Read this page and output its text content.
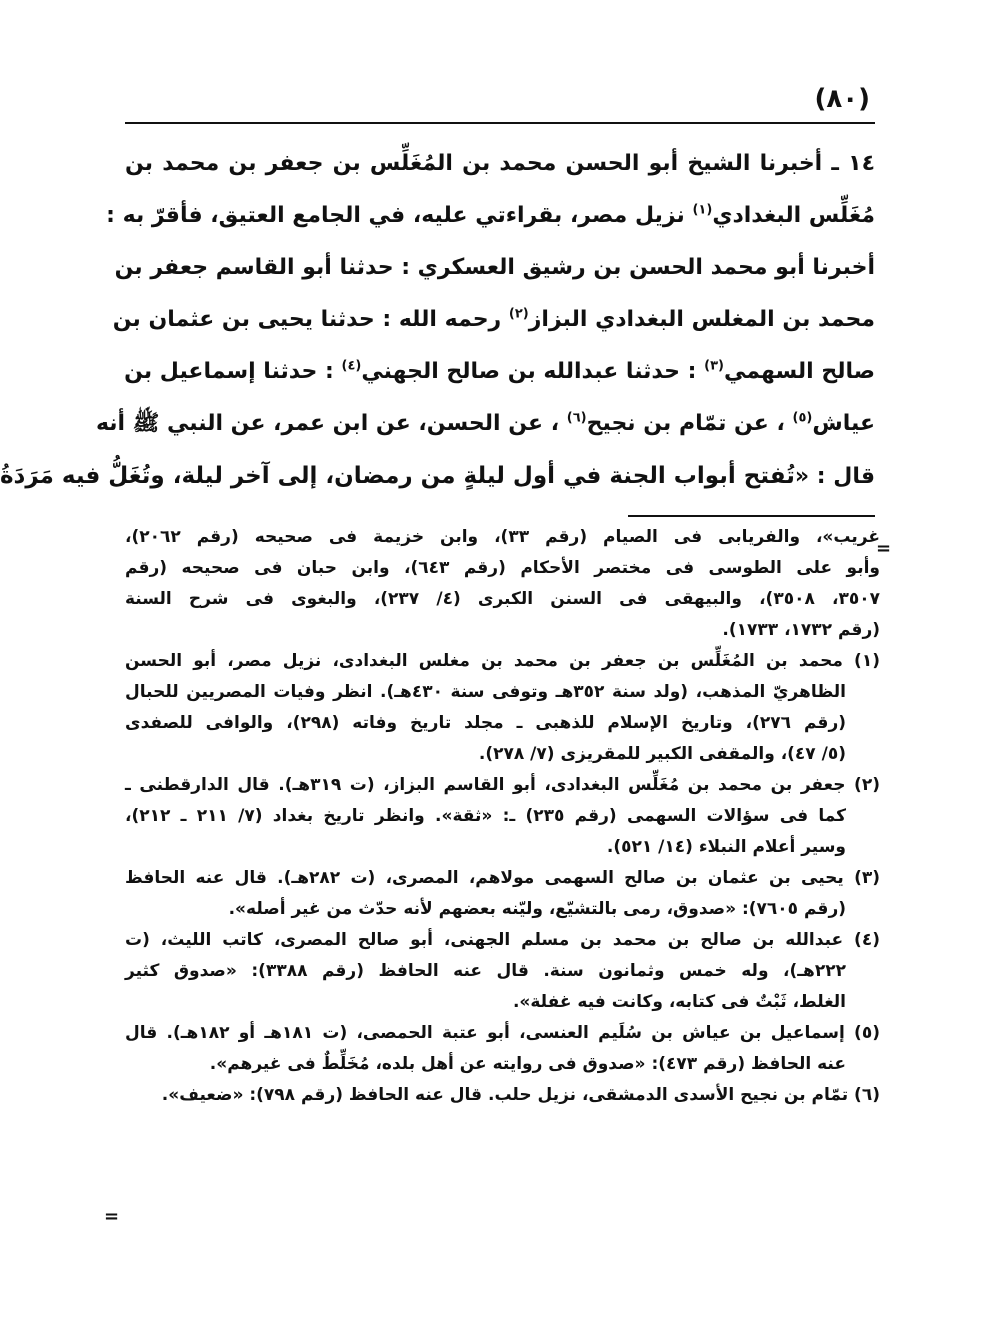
(٨٠)
١٤ ـ أخبرنا الشيخ أبو الحسن محمد بن المُغَلِّس بن جعفر بن محمد بن
مُغَلِّس البغدادي$^{(١)}$ نزيل مصر، بقراءتي عليه، في الجامع العتيق، فأقرّ به :
أخبرنا أبو محمد الحسن بن رشيق العسكري : حدثنا أبو القاسم جعفر بن
محمد بن المغلس البغدادي البزاز$^{(٢)}$ رحمه الله : حدثنا يحيى بن عثمان بن
صالح السهمي$^{(٣)}$ : حدثنا عبدالله بن صالح الجهني$^{(٤)}$ : حدثنا إسماعيل بن
عياش$^{(٥)}$ ، عن تمّام بن نجيح$^{(٦)}$ ، عن الحسن، عن ابن عمر، عن النبي ﷺ أنه
قال : «تُفتح أبواب الجنة في أول ليلةٍ من رمضان، إلى آخر ليلة، وتُغَلُّ فيه مَرَدَةُ
=
غريب»، والفريابى فى الصيام (رقم ٣٣)، وابن خزيمة فى صحيحه (رقم ٢٠٦٢)،
وأبو على الطوسى فى مختصر الأحكام (رقم ٦٤٣)، وابن حبان فى صحيحه (رقم
٣٥٠٧، ٣٥٠٨)، والبيهقى فى السنن الكبرى (٤/ ٢٣٧)، والبغوى فى شرح السنة
(رقم ١٧٣٢، ١٧٣٣).
(١) محمد بن المُغَلِّس بن جعفر بن محمد بن مغلس البغدادى، نزيل مصر، أبو الحسن
الظاهريّ المذهب، (ولد سنة ٣٥٢هـ وتوفى سنة ٤٣٠هـ). انظر وفيات المصريين للحبال
(رقم ٢٧٦)، وتاريخ الإسلام للذهبى ـ مجلد تاريخ وفاته (٢٩٨)، والوافى للصفدى
(٥/ ٤٧)، والمقفى الكبير للمقريزى (٧/ ٢٧٨).
(٢) جعفر بن محمد بن مُغَلِّس البغدادى، أبو القاسم البزاز، (ت ٣١٩هـ). قال الدارقطنى ـ
كما فى سؤالات السهمى (رقم ٢٣٥) ـ: «ثقة». وانظر تاريخ بغداد (٧/ ٢١١ ـ ٢١٢)،
وسير أعلام النبلاء (١٤/ ٥٢١).
(٣) يحيى بن عثمان بن صالح السهمى مولاهم، المصرى، (ت ٢٨٢هـ). قال عنه الحافظ
(رقم ٧٦٠٥): «صدوق، رمى بالتشيّع، وليّنه بعضهم لأنه حدّث من غير أصله».
(٤) عبدالله بن صالح بن محمد بن مسلم الجهنى، أبو صالح المصرى، كاتب الليث، (ت
٢٢٢هـ)، وله خمس وثمانون سنة. قال عنه الحافظ (رقم ٣٣٨٨): «صدوق كثير
الغلط، ثَبْتٌ فى كتابه، وكانت فيه غفلة».
(٥) إسماعيل بن عياش بن سُلَيم العنسى، أبو عتبة الحمصى، (ت ١٨١هـ أو ١٨٢هـ). قال
عنه الحافظ (رقم ٤٧٣): «صدوق فى روايته عن أهل بلده، مُخَلِّطٌ فى غيرهم».
(٦) تمّام بن نجيح الأسدى الدمشقى، نزيل حلب. قال عنه الحافظ (رقم ٧٩٨): «ضعيف».
=
